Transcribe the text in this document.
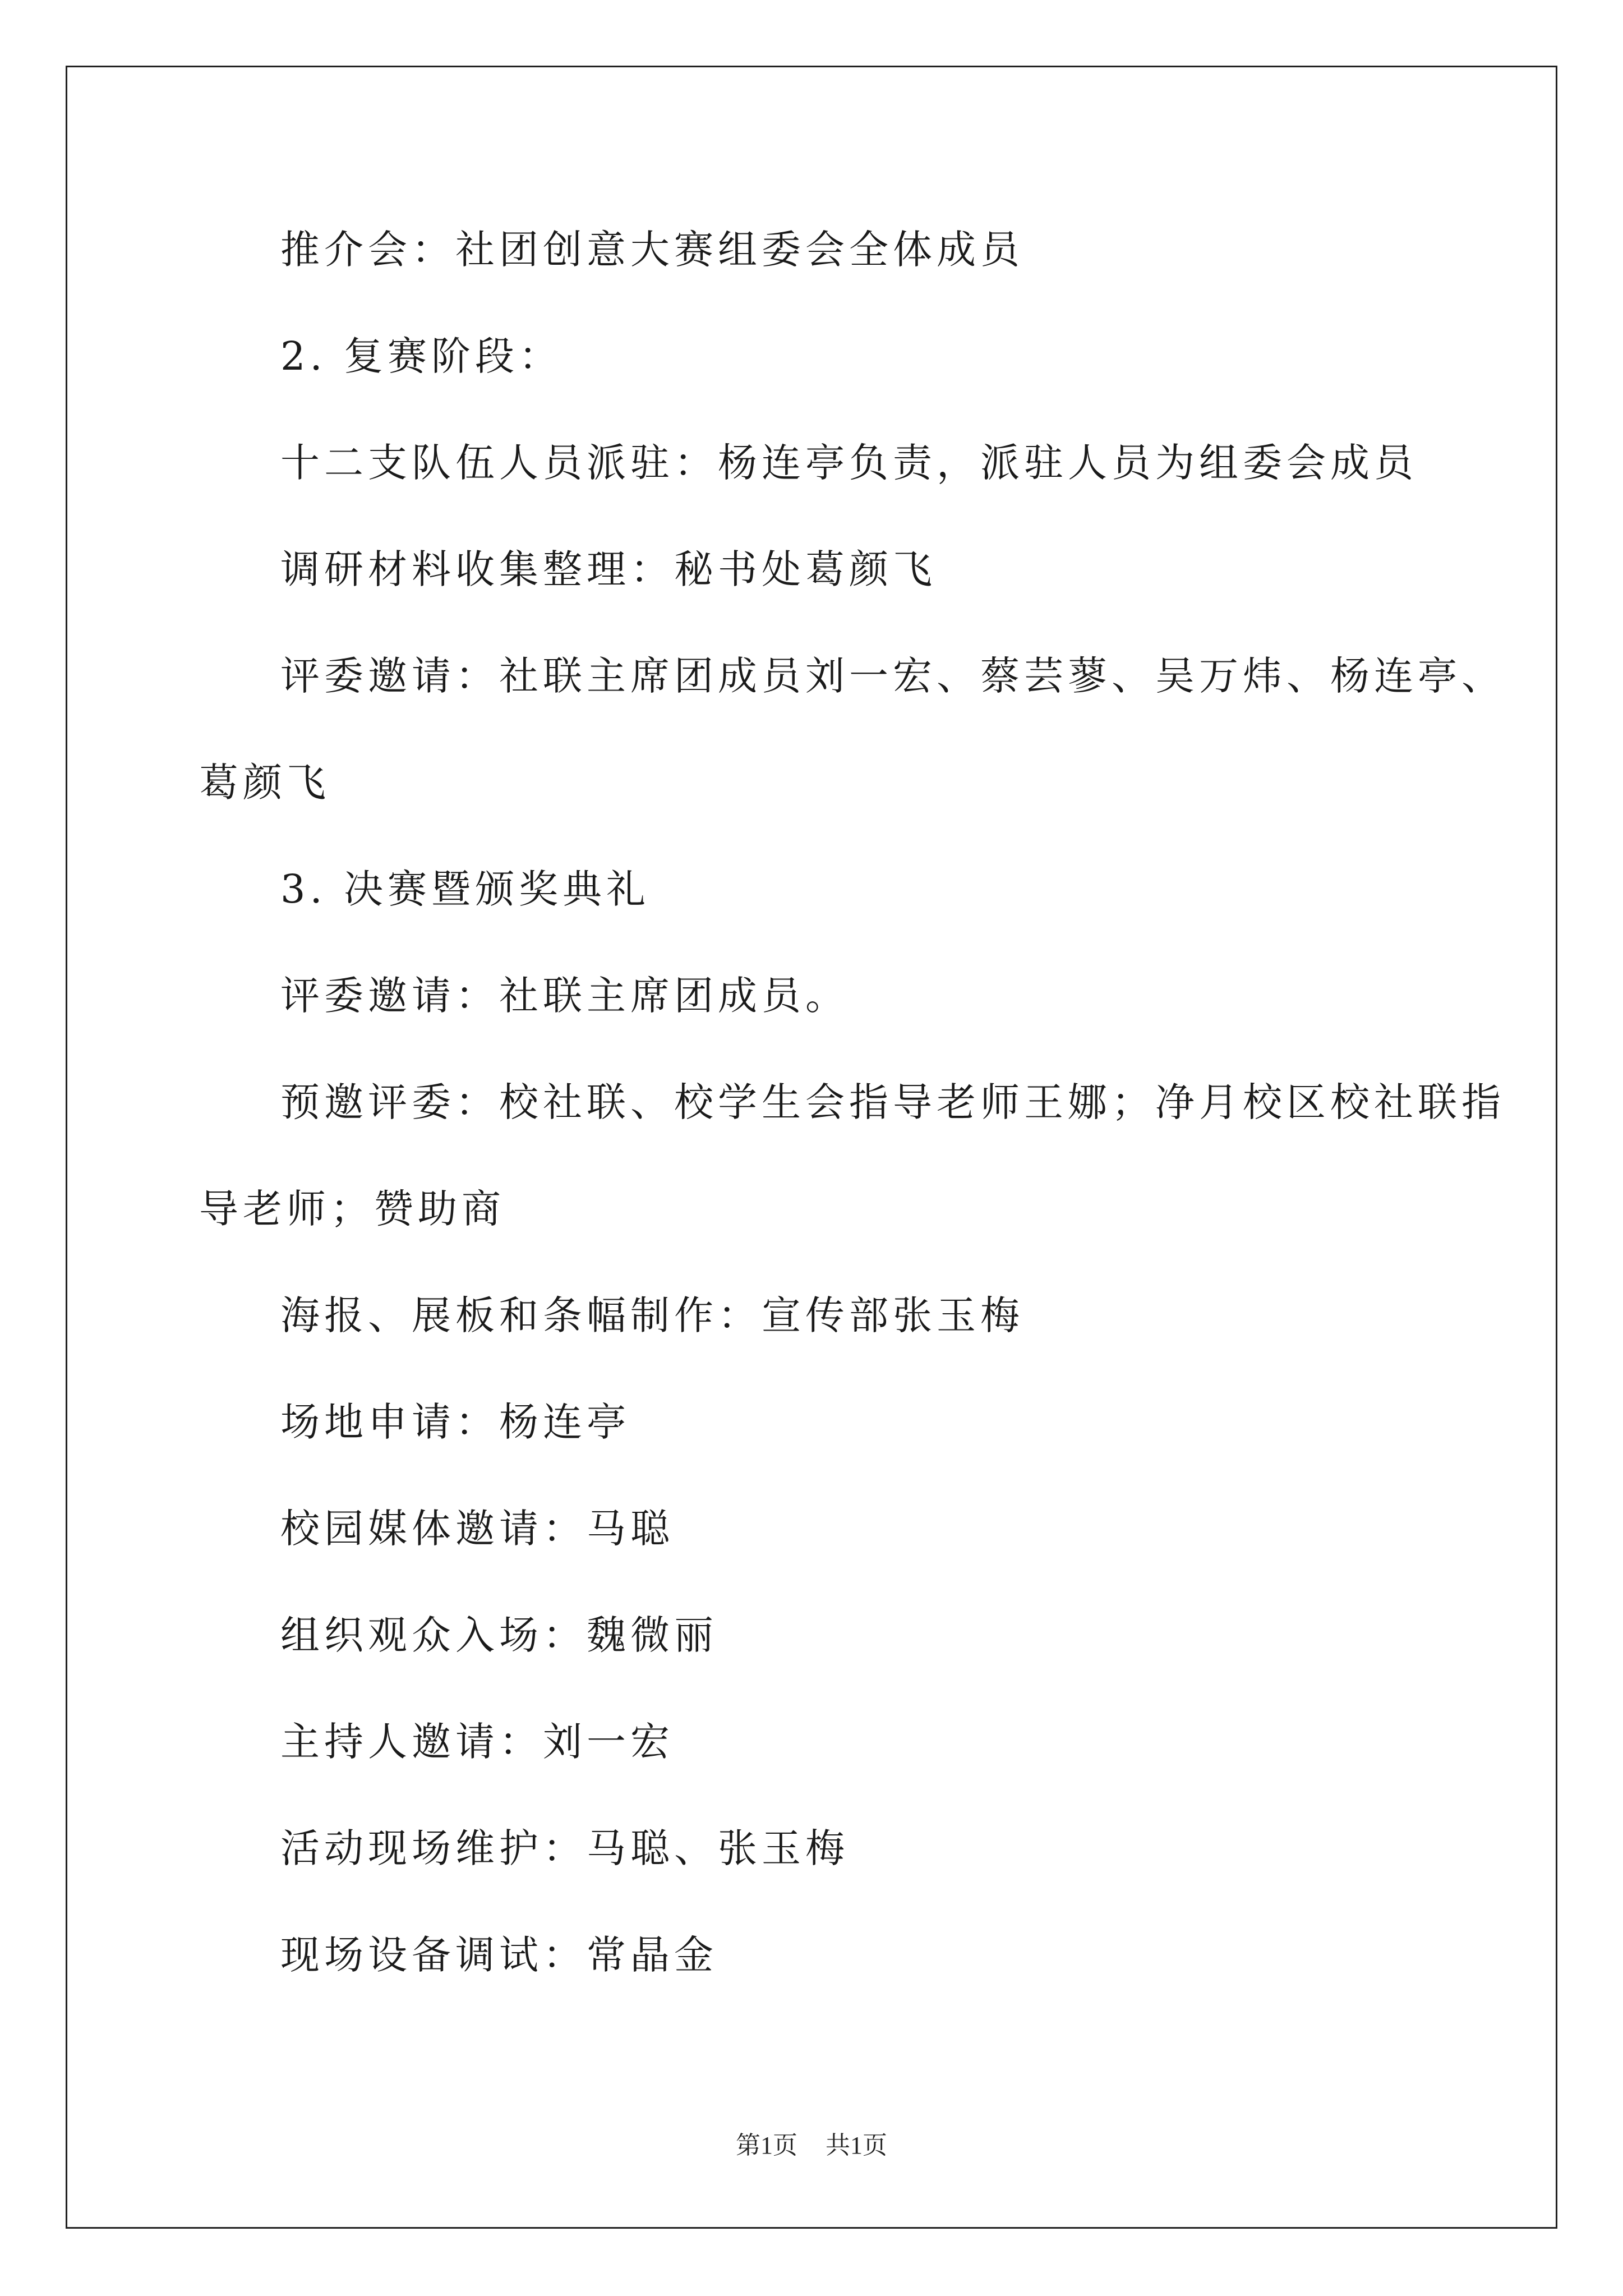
推介会：社团创意大赛组委会全体成员
2. 复赛阶段：
十二支队伍人员派驻：杨连亭负责，派驻人员为组委会成员
调研材料收集整理：秘书处葛颜飞
评委邀请：社联主席团成员刘一宏、蔡芸蓼、吴万炜、杨连亭、
葛颜飞
3. 决赛暨颁奖典礼
评委邀请：社联主席团成员。
预邀评委：校社联、校学生会指导老师王娜；净月校区校社联指
导老师；赞助商
海报、展板和条幅制作：宣传部张玉梅
场地申请：杨连亭
校园媒体邀请：马聪
组织观众入场：魏微丽
主持人邀请：刘一宏
活动现场维护：马聪、张玉梅
现场设备调试：常晶金
第1页 共1页
